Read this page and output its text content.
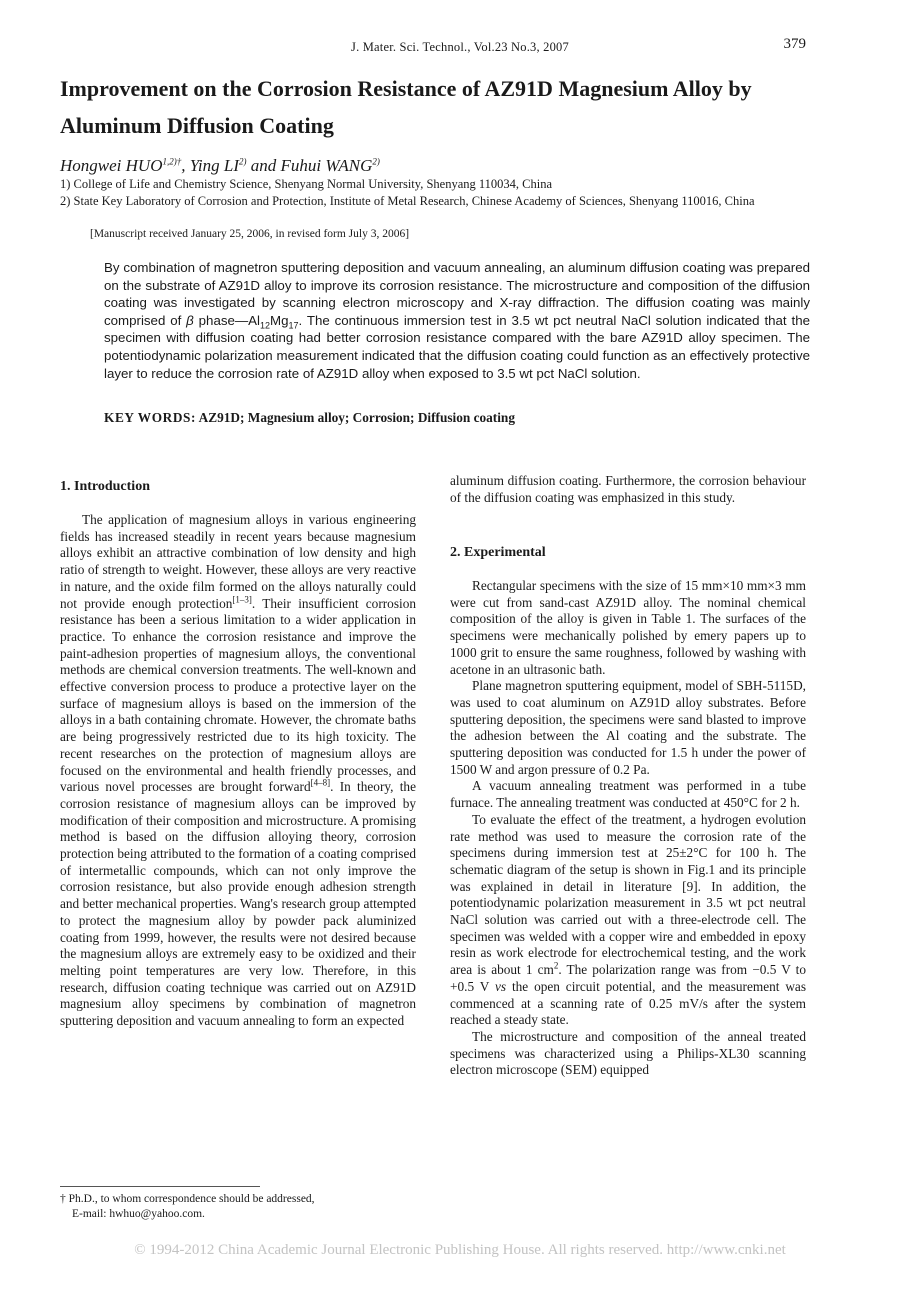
J. Mater. Sci. Technol., Vol.23 No.3, 2007	379
Improvement on the Corrosion Resistance of AZ91D Magnesium Alloy by Aluminum Diffusion Coating
Hongwei $HUO^{1,2)\dagger}$, Ying LI$^{2)}$ and Fuhui WANG$^{2)}$
1) College of Life and Chemistry Science, Shenyang Normal University, Shenyang 110034, China
2) State Key Laboratory of Corrosion and Protection, Institute of Metal Research, Chinese Academy of Sciences, Shenyang 110016, China
[Manuscript received January 25, 2006, in revised form July 3, 2006]
By combination of magnetron sputtering deposition and vacuum annealing, an aluminum diffusion coating was prepared on the substrate of AZ91D alloy to improve its corrosion resistance. The microstructure and composition of the diffusion coating was investigated by scanning electron microscopy and X-ray diffraction. The diffusion coating was mainly comprised of β $phase—Al_{12}Mg_{17}$. The continuous immersion test in 3.5 wt pct neutral NaCl solution indicated that the specimen with diffusion coating had better corrosion resistance compared with the bare AZ91D alloy specimen. The potentiodynamic polarization measurement indicated that the diffusion coating could function as an effectively protective layer to reduce the corrosion rate of AZ91D alloy when exposed to 3.5 wt pct NaCl solution.
KEY WORDS: AZ91D; Magnesium alloy; Corrosion; Diffusion coating
1. Introduction

The application of magnesium alloys in various engineering fields has increased steadily in recent years because magnesium alloys exhibit an attractive combination of low density and high ratio of strength to weight. However, these alloys are very reactive in nature, and the oxide film formed on the alloys naturally could not provide enough protection[1–3]. Their insufficient corrosion resistance has been a serious limitation to a wider application in practice. To enhance the corrosion resistance and improve the paint-adhesion properties of magnesium alloys, the conventional methods are chemical conversion treatments. The well-known and effective conversion process to produce a protective layer on the surface of magnesium alloys is based on the immersion of the alloys in a bath containing chromate. However, the chromate baths are being progressively restricted due to its high toxicity. The recent researches on the protection of magnesium alloys are focused on the environmental and health friendly processes, and various novel processes are brought forward[4–8]. In theory, the corrosion resistance of magnesium alloys can be improved by modification of their composition and microstructure. A promising method is based on the diffusion alloying theory, corrosion protection being attributed to the formation of a coating comprised of intermetallic compounds, which can not only improve the corrosion resistance, but also provide enough adhesion strength and better mechanical properties. Wang's research group attempted to protect the magnesium alloy by powder pack aluminized coating from 1999, however, the results were not desired because the magnesium alloys are extremely easy to be oxidized and their melting point temperatures are very low. Therefore, in this research, diffusion coating technique was carried out on AZ91D magnesium alloy specimens by combination of magnetron sputtering deposition and vacuum annealing to form an expected

aluminum diffusion coating. Furthermore, the corrosion behaviour of the diffusion coating was emphasized in this study.

2. Experimental

Rectangular specimens with the size of 15 mm×10 mm×3 mm were cut from sand-cast AZ91D alloy. The nominal chemical composition of the alloy is given in Table 1. The surfaces of the specimens were mechanically polished by emery papers up to 1000 grit to ensure the same roughness, followed by washing with acetone in an ultrasonic bath.

Plane magnetron sputtering equipment, model of SBH-5115D, was used to coat aluminum on AZ91D alloy substrates. Before sputtering deposition, the specimens were sand blasted to improve the adhesion between the Al coating and the substrate. The sputtering deposition was conducted for 1.5 h under the power of 1500 W and argon pressure of 0.2 Pa.

A vacuum annealing treatment was performed in a tube furnace. The annealing treatment was conducted at 450°C for 2 h.

To evaluate the effect of the treatment, a hydrogen evolution rate method was used to measure the corrosion rate of the specimens during immersion test at 25±2°C for 100 h. The schematic diagram of the setup is shown in Fig.1 and its principle was explained in detail in literature [9]. In addition, the potentiodynamic polarization measurement in 3.5 wt pct neutral NaCl solution was carried out with a three-electrode cell. The specimen was welded with a copper wire and embedded in epoxy resin as work electrode for electrochemical testing, and the work area is about 1 $cm^2$. The polarization range was from −0.5 V to +0.5 V vs the open circuit potential, and the measurement was commenced at a scanning rate of 0.25 mV/s after the system reached a steady state.

The microstructure and composition of the anneal treated specimens was characterized using a Philips-XL30 scanning electron microscope (SEM) equipped

† Ph.D., to whom correspondence should be addressed,
E-mail: hwhuo@yahoo.com.
© 1994-2012 China Academic Journal Electronic Publishing House. All rights reserved. http://www.cnki.net
